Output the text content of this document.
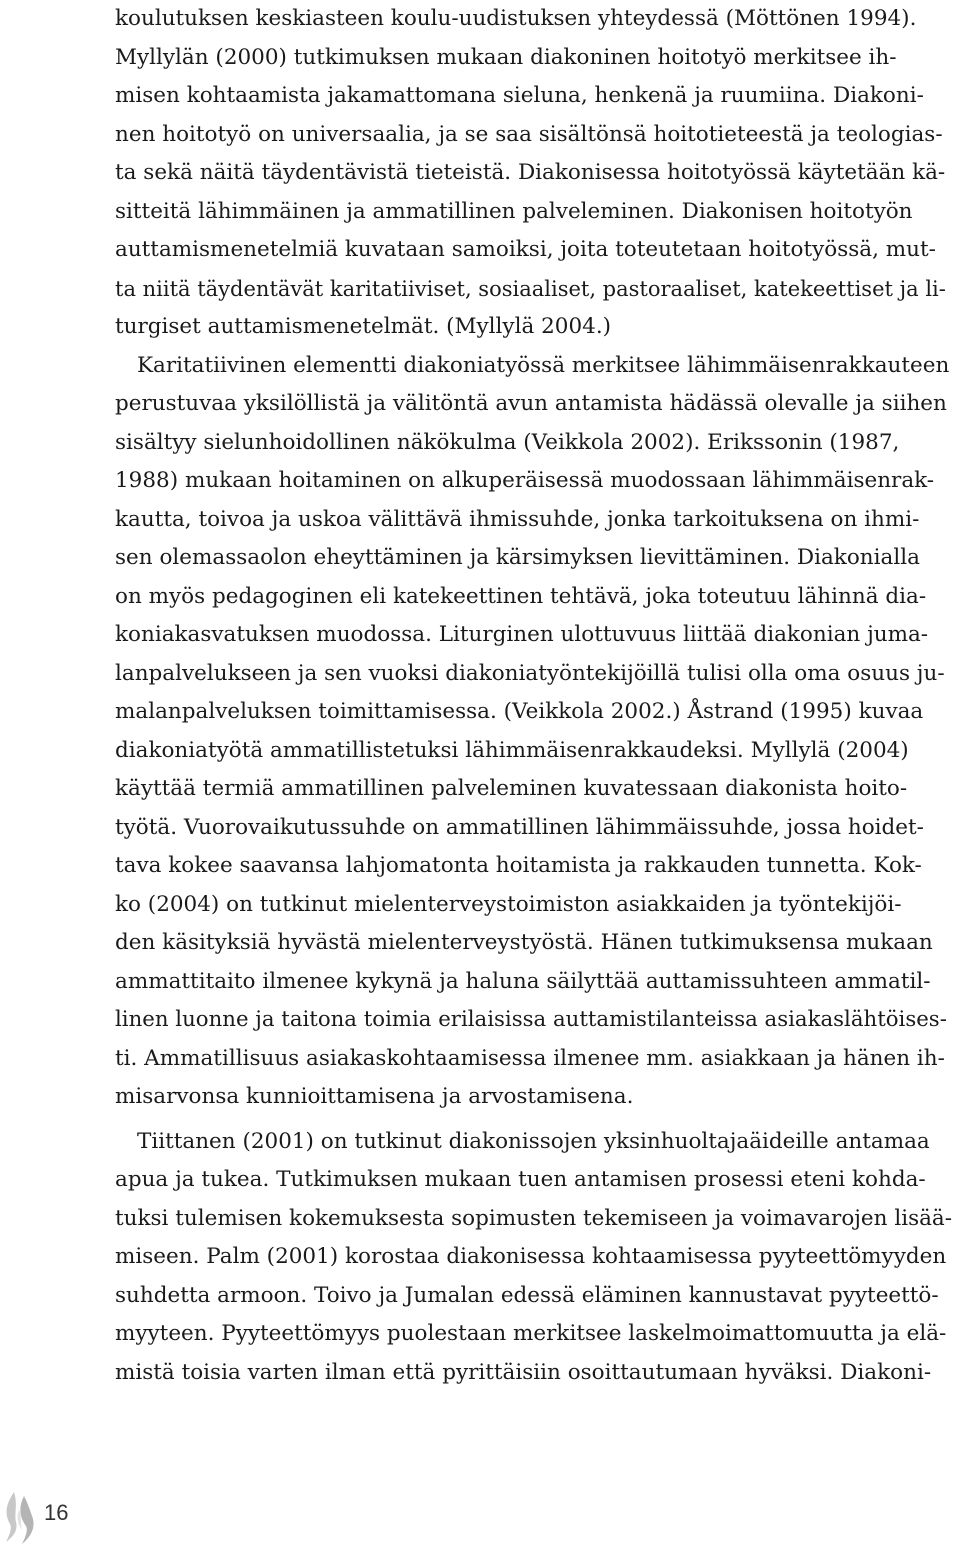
koulutuksen keskiasteen koulu-uudistuksen yhteydessä (Möttönen 1994).
Myllylän (2000) tutkimuksen mukaan diakoninen hoitotyö merkitsee ih-
misen kohtaamista jakamattomana sieluna, henkenä ja ruumiina. Diakoni-
nen hoitotyö on universaalia, ja se saa sisältönsä hoitotieteestä ja teologias-
ta sekä näitä täydentävistä tieteistä. Diakonisessa hoitotyössä käytetään kä-
sitteitä lähimmäinen ja ammatillinen palveleminen. Diakonisen hoitotyön
auttamismenetelmiä kuvataan samoiksi, joita toteutetaan hoitotyössä, mut-
ta niitä täydentävät karitatiiviset, sosiaaliset, pastoraaliset, katekeettiset ja li-
turgiset auttamismenetelmät. (Myllylä 2004.)
Karitatiivinen elementti diakoniatyössä merkitsee lähimmäisenrakkauteen
perustuvaa yksilöllistä ja välitöntä avun antamista hädässä olevalle ja siihen
sisältyy sielunhoidollinen näkökulma (Veikkola 2002). Erikssonin (1987,
1988) mukaan hoitaminen on alkuperäisessä muodossaan lähimmäisenrak-
kautta, toivoa ja uskoa välittävä ihmissuhde, jonka tarkoituksena on ihmi-
sen olemassaolon eheyttäminen ja kärsimyksen lievittäminen. Diakonialla
on myös pedagoginen eli katekeettinen tehtävä, joka toteutuu lähinnä dia-
koniakasvatuksen muodossa. Liturginen ulottuvuus liittää diakonian juma-
lanpalvelukseen ja sen vuoksi diakoniatyöntekijöillä tulisi olla oma osuus ju-
malanpalveluksen toimittamisessa. (Veikkola 2002.) Åstrand (1995) kuvaa
diakoniatyötä ammatillistetuksi lähimmäisenrakkaudeksi. Myllylä (2004)
käyttää termiä ammatillinen palveleminen kuvatessaan diakonista hoito-
työtä. Vuorovaikutussuhde on ammatillinen lähimmäissuhde, jossa hoidet-
tava kokee saavansa lahjomatonta hoitamista ja rakkauden tunnetta. Kok-
ko (2004) on tutkinut mielenterveystoimiston asiakkaiden ja työntekijöi-
den käsityksiä hyvästä mielenterveystyöstä. Hänen tutkimuksensa mukaan
ammattitaito ilmenee kykynä ja haluna säilyttää auttamissuhteen ammatil-
linen luonne ja taitona toimia erilaisissa auttamistilanteissa asiakaslähtöises-
ti. Ammatillisuus asiakaskohtaamisessa ilmenee mm. asiakkaan ja hänen ih-
misarvonsa kunnioittamisena ja arvostamisena.
Tiittanen (2001) on tutkinut diakonissojen yksinhuoltajaäideille antamaa
apua ja tukea. Tutkimuksen mukaan tuen antamisen prosessi eteni kohda-
tuksi tulemisen kokemuksesta sopimusten tekemiseen ja voimavarojen lisää-
miseen. Palm (2001) korostaa diakonisessa kohtaamisessa pyyteettömyyden
suhdetta armoon. Toivo ja Jumalan edessä eläminen kannustavat pyyteettö-
myyteen. Pyyteettömyys puolestaan merkitsee laskelmoimattomuutta ja elä-
mistä toisia varten ilman että pyrittäisiin osoittautumaan hyväksi. Diakoni-
16
